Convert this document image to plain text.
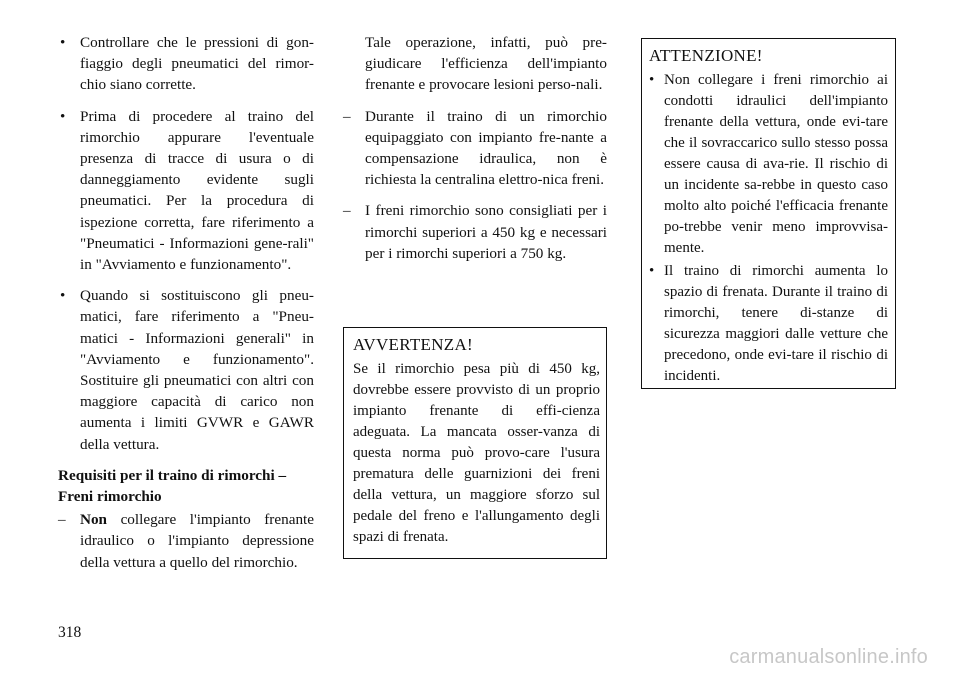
• Controllare che le pressioni di gon-fiaggio degli pneumatici del rimor-chio siano corrette.
• Prima di procedere al traino del rimorchio appurare l'eventuale presenza di tracce di usura o di danneggiamento evidente sugli pneumatici. Per la procedura di ispezione corretta, fare riferimento a "Pneumatici - Informazioni gene-rali" in "Avviamento e funzionamento".
• Quando si sostituiscono gli pneu-matici, fare riferimento a "Pneu-matici - Informazioni generali" in "Avviamento e funzionamento". Sostituire gli pneumatici con altri con maggiore capacità di carico non aumenta i limiti GVWR e GAWR della vettura.
Requisiti per il traino di rimorchi – Freni rimorchio
– Non collegare l'impianto frenante idraulico o l'impianto depressione della vettura a quello del rimorchio.
Tale operazione, infatti, può pre-giudicare l'efficienza dell'impianto frenante e provocare lesioni perso-nali.
– Durante il traino di un rimorchio equipaggiato con impianto fre-nante a compensazione idraulica, non è richiesta la centralina elettro-nica freni.
– I freni rimorchio sono consigliati per i rimorchi superiori a 450 kg e necessari per i rimorchi superiori a 750 kg.
AVVERTENZA!
Se il rimorchio pesa più di 450 kg, dovrebbe essere provvisto di un proprio impianto frenante di effi-cienza adeguata. La mancata osser-vanza di questa norma può provo-care l'usura prematura delle guarnizioni dei freni della vettura, un maggiore sforzo sul pedale del freno e l'allungamento degli spazi di frenata.
ATTENZIONE!
• Non collegare i freni rimorchio ai condotti idraulici dell'impianto frenante della vettura, onde evi-tare che il sovraccarico sullo stesso possa essere causa di ava-rie. Il rischio di un incidente sa-rebbe in questo caso molto alto poiché l'efficacia frenante po-trebbe venir meno improvvisa-mente.
• Il traino di rimorchi aumenta lo spazio di frenata. Durante il traino di rimorchi, tenere di-stanze di sicurezza maggiori dalle vetture che precedono, onde evi-tare il rischio di incidenti.
318
carmanualsonline.info
